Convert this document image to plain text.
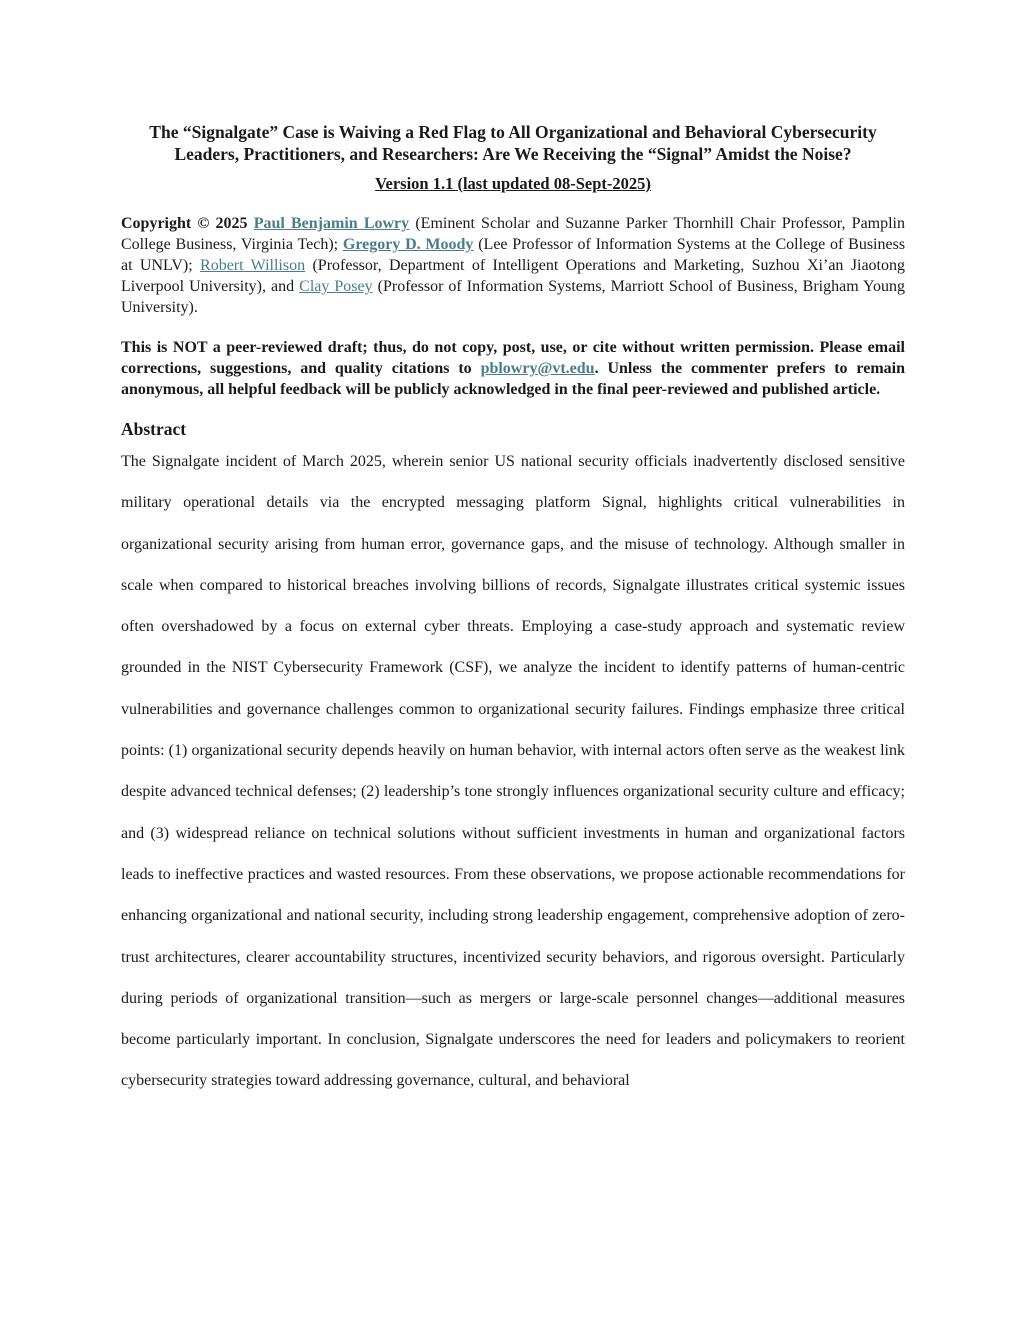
The “Signalgate” Case is Waiving a Red Flag to All Organizational and Behavioral Cybersecurity Leaders, Practitioners, and Researchers: Are We Receiving the “Signal” Amidst the Noise?
Version 1.1 (last updated 08-Sept-2025)
Copyright © 2025 Paul Benjamin Lowry (Eminent Scholar and Suzanne Parker Thornhill Chair Professor, Pamplin College Business, Virginia Tech); Gregory D. Moody (Lee Professor of Information Systems at the College of Business at UNLV); Robert Willison (Professor, Department of Intelligent Operations and Marketing, Suzhou Xi’an Jiaotong Liverpool University), and Clay Posey (Professor of Information Systems, Marriott School of Business, Brigham Young University).
This is NOT a peer-reviewed draft; thus, do not copy, post, use, or cite without written permission. Please email corrections, suggestions, and quality citations to pblowry@vt.edu. Unless the commenter prefers to remain anonymous, all helpful feedback will be publicly acknowledged in the final peer-reviewed and published article.
Abstract
The Signalgate incident of March 2025, wherein senior US national security officials inadvertently disclosed sensitive military operational details via the encrypted messaging platform Signal, highlights critical vulnerabilities in organizational security arising from human error, governance gaps, and the misuse of technology. Although smaller in scale when compared to historical breaches involving billions of records, Signalgate illustrates critical systemic issues often overshadowed by a focus on external cyber threats. Employing a case-study approach and systematic review grounded in the NIST Cybersecurity Framework (CSF), we analyze the incident to identify patterns of human-centric vulnerabilities and governance challenges common to organizational security failures. Findings emphasize three critical points: (1) organizational security depends heavily on human behavior, with internal actors often serve as the weakest link despite advanced technical defenses; (2) leadership’s tone strongly influences organizational security culture and efficacy; and (3) widespread reliance on technical solutions without sufficient investments in human and organizational factors leads to ineffective practices and wasted resources. From these observations, we propose actionable recommendations for enhancing organizational and national security, including strong leadership engagement, comprehensive adoption of zero-trust architectures, clearer accountability structures, incentivized security behaviors, and rigorous oversight. Particularly during periods of organizational transition—such as mergers or large-scale personnel changes—additional measures become particularly important. In conclusion, Signalgate underscores the need for leaders and policymakers to reorient cybersecurity strategies toward addressing governance, cultural, and behavioral
